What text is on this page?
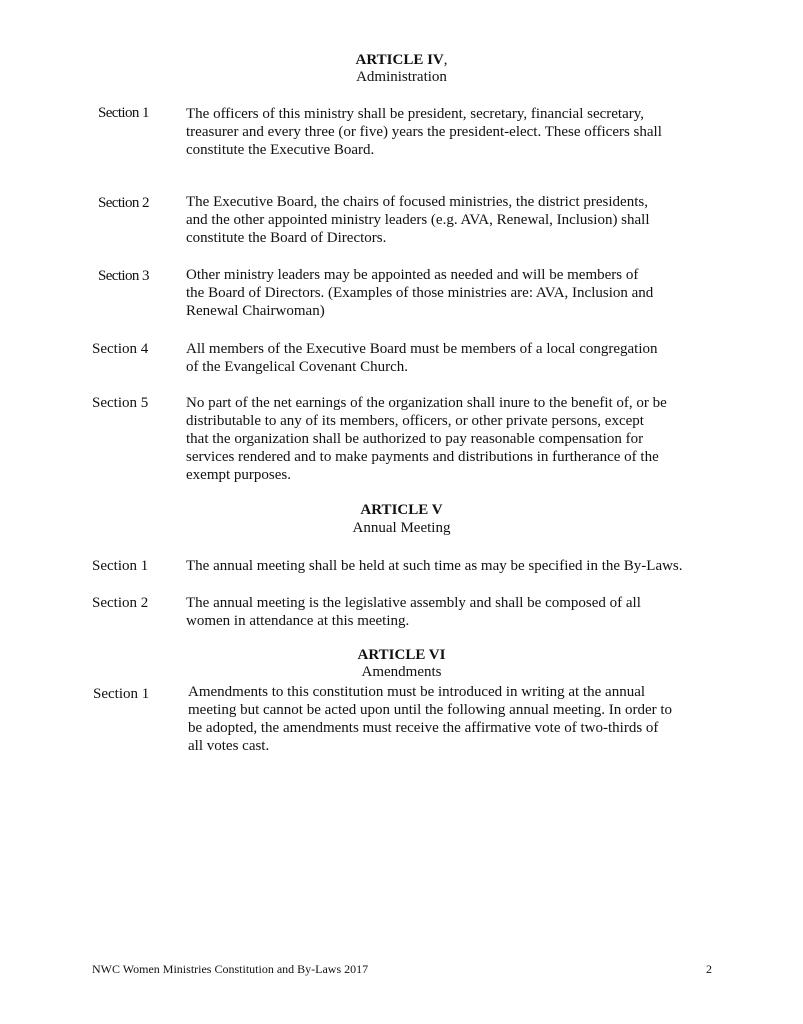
ARTICLE IV,
Administration
Section 1 The officers of this ministry shall be president, secretary, financial secretary,
treasurer and every three (or five) years the president-elect. These officers shall
constitute the Executive Board.
Section 2 The Executive Board, the chairs of focused ministries, the district presidents,
and the other appointed ministry leaders (e.g. AVA, Renewal, Inclusion) shall
constitute the Board of Directors.
Section 3 Other ministry leaders may be appointed as needed and will be members of
the Board of Directors. (Examples of those ministries are: AVA, Inclusion and
Renewal Chairwoman)
Section 4	All members of the Executive Board must be members of a local congregation
of the Evangelical Covenant Church.
Section 5	No part of the net earnings of the organization shall inure to the benefit of, or be
distributable to any of its members, officers, or other private persons, except
that the organization shall be authorized to pay reasonable compensation for
services rendered and to make payments and distributions in furtherance of the
exempt purposes.
ARTICLE V
Annual Meeting
Section 1	The annual meeting shall be held at such time as may be specified in the By-Laws.
Section 2	The annual meeting is the legislative assembly and shall be composed of all
women in attendance at this meeting.
ARTICLE VI
Amendments
Section 1	Amendments to this constitution must be introduced in writing at the annual
meeting but cannot be acted upon until the following annual meeting. In order to
be adopted, the amendments must receive the affirmative vote of two-thirds of
all votes cast.
NWC Women Ministries Constitution and By-Laws 2017	2
